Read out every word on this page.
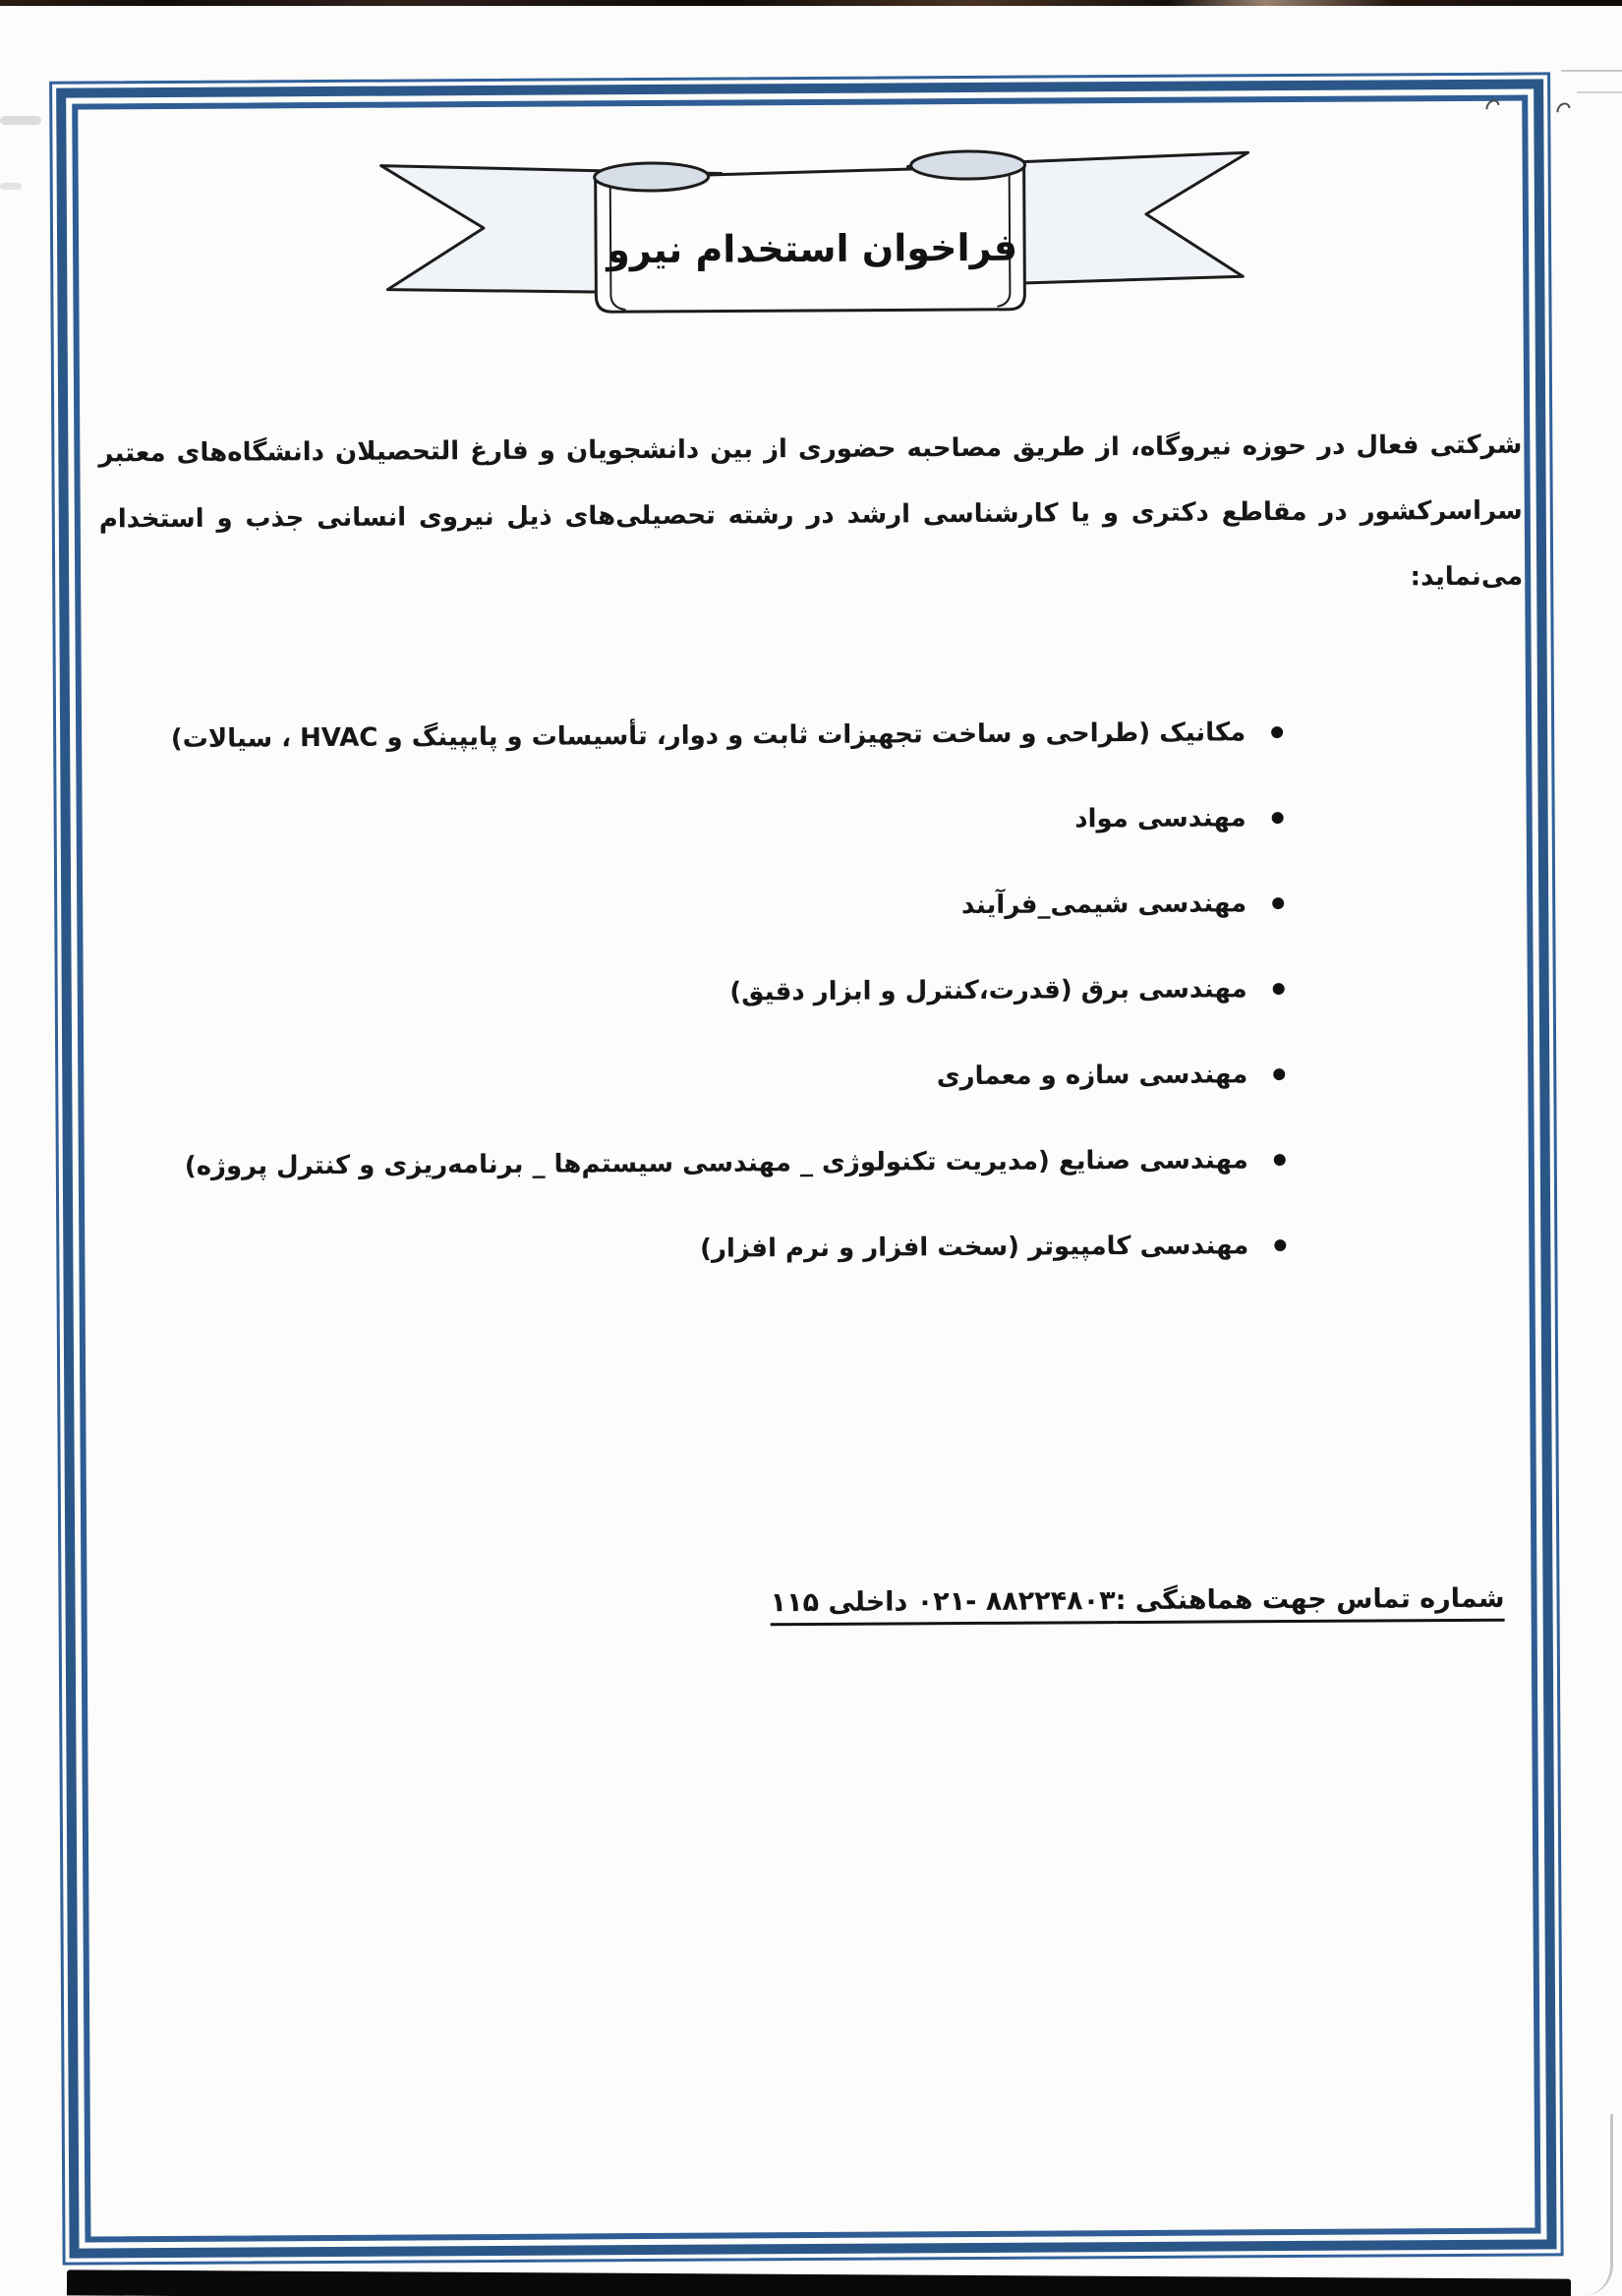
فراخوان استخدام نیرو
شرکتی فعال در حوزه نیروگاه، از طریق مصاحبه حضوری از بین دانشجویان و فارغ التحصیلان دانشگاه‌های معتبر
سراسرکشور در مقاطع دکتری و یا کارشناسی ارشد در رشته تحصیلی‌های ذیل نیروی انسانی جذب و استخدام
می‌نماید:
مکانیک (طراحی و ساخت تجهیزات ثابت و دوار، تأسیسات و پایپینگ و HVAC ، سیالات)
مهندسی مواد
مهندسی شیمی_فرآیند
مهندسی برق (قدرت،کنترل و ابزار دقیق)
مهندسی سازه و معماری
مهندسی صنایع (مدیریت تکنولوژی _ مهندسی سیستم‌ها _ برنامه‌ریزی و کنترل پروژه)
مهندسی کامپیوتر (سخت افزار و نرم افزار)
شماره تماس جهت هماهنگی :۸۸۲۲۴۸۰۳ -۰۲۱ داخلی ۱۱۵
